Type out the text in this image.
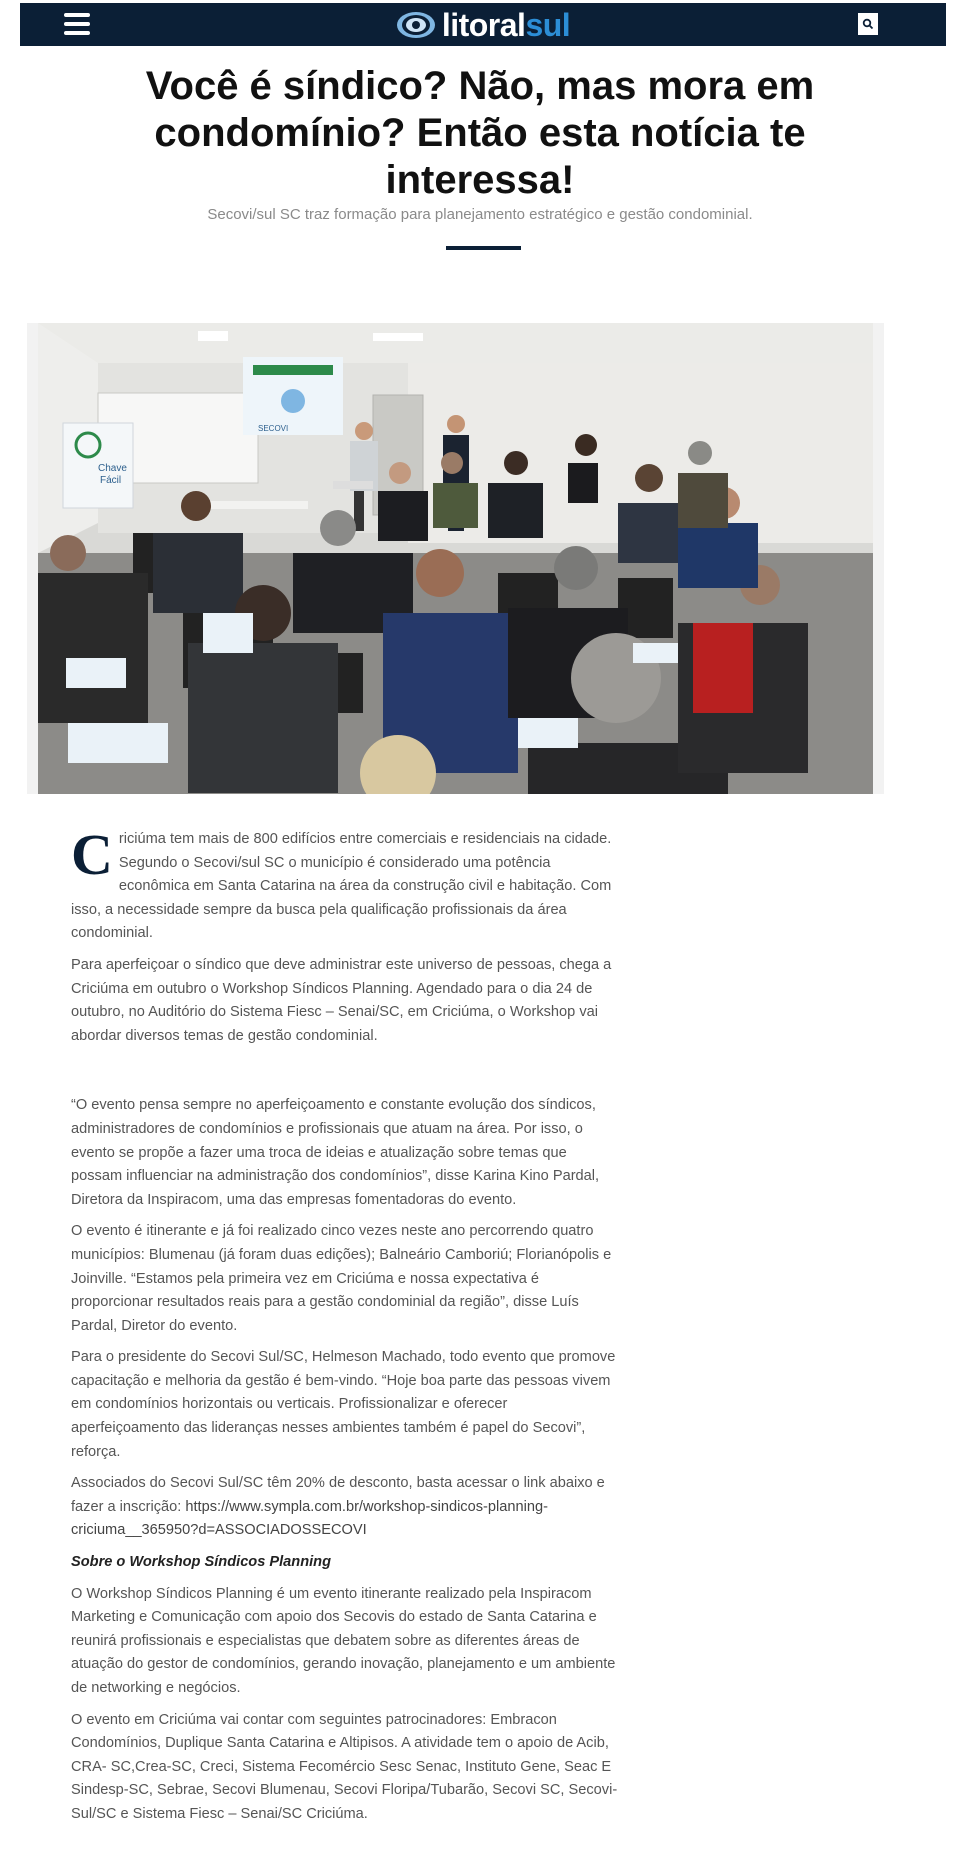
litoralsul
Você é síndico? Não, mas mora em condomínio? Então esta notícia te interessa!
Secovi/sul SC traz formação para planejamento estratégico e gestão condominial.
SECOVI
Chave
Fácil

Criciúma tem mais de 800 edifícios entre comerciais e residenciais na cidade. Segundo o Secovi/sul SC o município é considerado uma potência econômica em Santa Catarina na área da construção civil e habitação. Com isso, a necessidade sempre da busca pela qualificação profissionais da área condominial.

Para aperfeiçoar o síndico que deve administrar este universo de pessoas, chega a Criciúma em outubro o Workshop Síndicos Planning. Agendado para o dia 24 de outubro, no Auditório do Sistema Fiesc – Senai/SC, em Criciúma, o Workshop vai abordar diversos temas de gestão condominial.

“O evento pensa sempre no aperfeiçoamento e constante evolução dos síndicos, administradores de condomínios e profissionais que atuam na área. Por isso, o evento se propõe a fazer uma troca de ideias e atualização sobre temas que possam influenciar na administração dos condomínios”, disse Karina Kino Pardal, Diretora da Inspiracom, uma das empresas fomentadoras do evento.

O evento é itinerante e já foi realizado cinco vezes neste ano percorrendo quatro municípios: Blumenau (já foram duas edições); Balneário Camboriú; Florianópolis e Joinville. “Estamos pela primeira vez em Criciúma e nossa expectativa é proporcionar resultados reais para a gestão condominial da região”, disse Luís Pardal, Diretor do evento.

Para o presidente do Secovi Sul/SC, Helmeson Machado, todo evento que promove capacitação e melhoria da gestão é bem-vindo. “Hoje boa parte das pessoas vivem em condomínios horizontais ou verticais. Profissionalizar e oferecer aperfeiçoamento das lideranças nesses ambientes também é papel do Secovi”, reforça.

Associados do Secovi Sul/SC têm 20% de desconto, basta acessar o link abaixo e fazer a inscrição: https://www.sympla.com.br/workshop-sindicos-planning-criciuma__365950?d=ASSOCIADOSSECOVI

Sobre o Workshop Síndicos Planning

O Workshop Síndicos Planning é um evento itinerante realizado pela Inspiracom Marketing e Comunicação com apoio dos Secovis do estado de Santa Catarina e reunirá profissionais e especialistas que debatem sobre as diferentes áreas de atuação do gestor de condomínios, gerando inovação, planejamento e um ambiente de networking e negócios.

O evento em Criciúma vai contar com seguintes patrocinadores: Embracon Condomínios, Duplique Santa Catarina e Altipisos. A atividade tem o apoio de Acib, CRA- SC,Crea-SC, Creci, Sistema Fecomércio Sesc Senac, Instituto Gene, Seac E Sindesp-SC, Sebrae, Secovi Blumenau, Secovi Floripa/Tubarão, Secovi SC, Secovi-Sul/SC e Sistema Fiesc – Senai/SC Criciúma.
